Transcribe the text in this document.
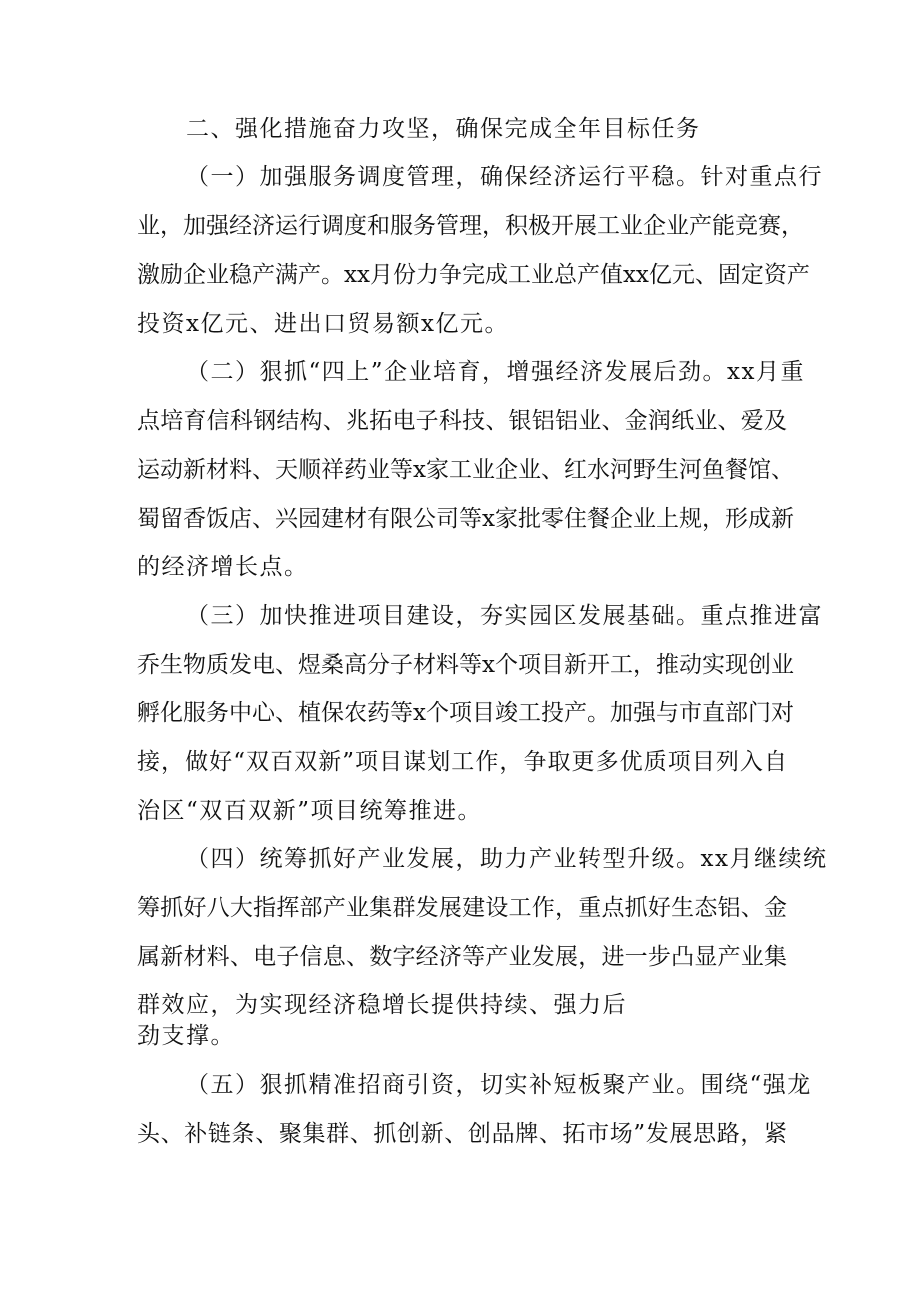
二、强化措施奋力攻坚，确保完成全年目标任务
（一）加强服务调度管理，确保经济运行平稳。针对重点行
业，加强经济运行调度和服务管理，积极开展工业企业产能竞赛，
激励企业稳产满产。xx月份力争完成工业总产值xx亿元、固定资产
投资x亿元、进出口贸易额x亿元。
（二）狠抓“四上”企业培育，增强经济发展后劲。xx月重
点培育信科钢结构、兆拓电子科技、银铝铝业、金润纸业、爱及
运动新材料、天顺祥药业等x家工业企业、红水河野生河鱼餐馆、
蜀留香饭店、兴园建材有限公司等x家批零住餐企业上规，形成新
的经济增长点。
（三）加快推进项目建设，夯实园区发展基础。重点推进富
乔生物质发电、煜桑高分子材料等x个项目新开工，推动实现创业
孵化服务中心、植保农药等x个项目竣工投产。加强与市直部门对
接，做好“双百双新”项目谋划工作，争取更多优质项目列入自
治区“双百双新”项目统筹推进。
（四）统筹抓好产业发展，助力产业转型升级。xx月继续统
筹抓好八大指挥部产业集群发展建设工作，重点抓好生态铝、金
属新材料、电子信息、数字经济等产业发展，进一步凸显产业集
群效应，为实现经济稳增长提供持续、强力后
劲支撑。
（五）狠抓精准招商引资，切实补短板聚产业。围绕“强龙
头、补链条、聚集群、抓创新、创品牌、拓市场”发展思路，紧
